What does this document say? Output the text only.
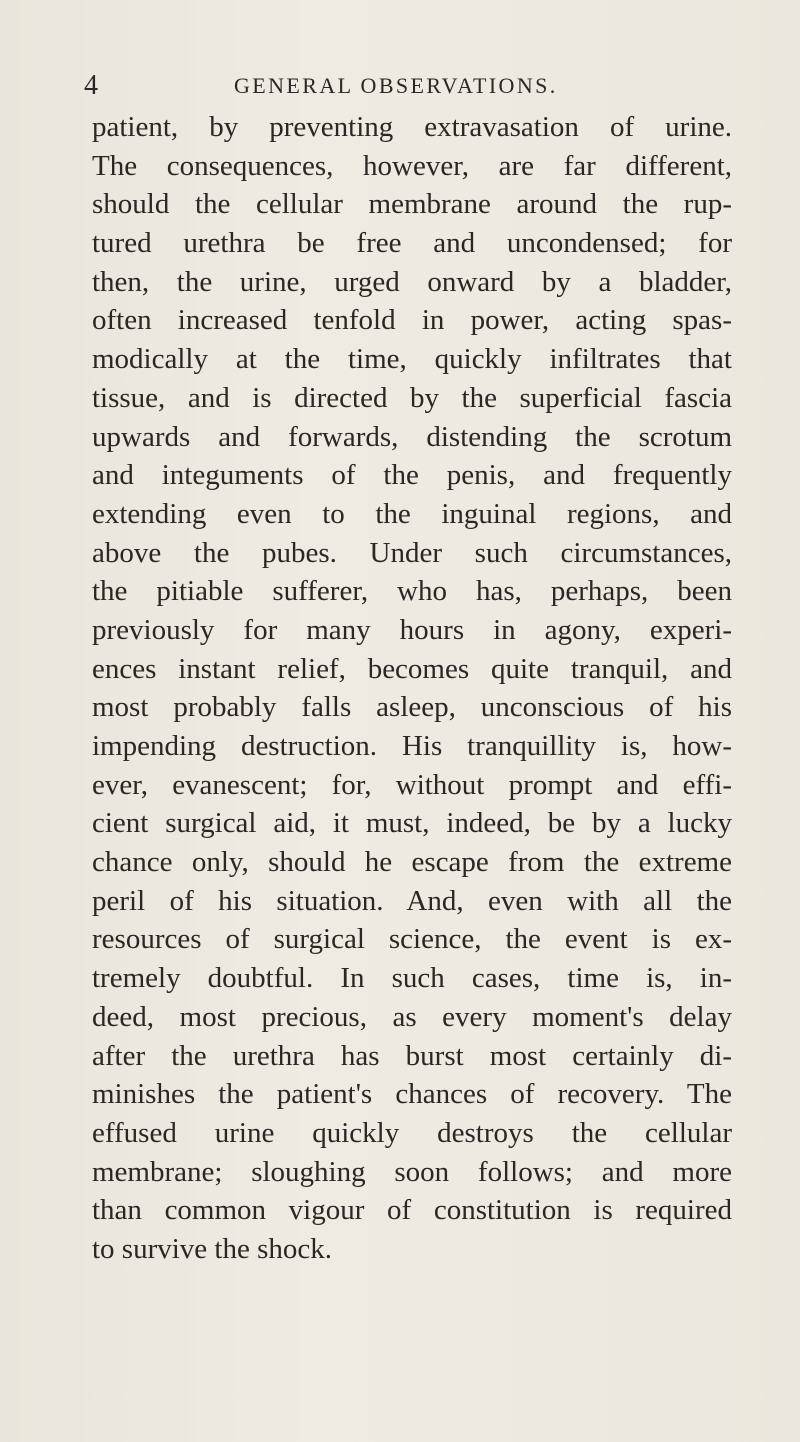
4	GENERAL OBSERVATIONS.
patient, by preventing extravasation of urine.
The consequences, however, are far different,
should the cellular membrane around the rup-
tured urethra be free and uncondensed; for
then, the urine, urged onward by a bladder,
often increased tenfold in power, acting spas-
modically at the time, quickly infiltrates that
tissue, and is directed by the superficial fascia
upwards and forwards, distending the scrotum
and integuments of the penis, and frequently
extending even to the inguinal regions, and
above the pubes. Under such circumstances,
the pitiable sufferer, who has, perhaps, been
previously for many hours in agony, experi-
ences instant relief, becomes quite tranquil, and
most probably falls asleep, unconscious of his
impending destruction. His tranquillity is, how-
ever, evanescent; for, without prompt and effi-
cient surgical aid, it must, indeed, be by a lucky
chance only, should he escape from the extreme
peril of his situation. And, even with all the
resources of surgical science, the event is ex-
tremely doubtful. In such cases, time is, in-
deed, most precious, as every moment's delay
after the urethra has burst most certainly di-
minishes the patient's chances of recovery. The
effused urine quickly destroys the cellular
membrane; sloughing soon follows; and more
than common vigour of constitution is required
to survive the shock.
